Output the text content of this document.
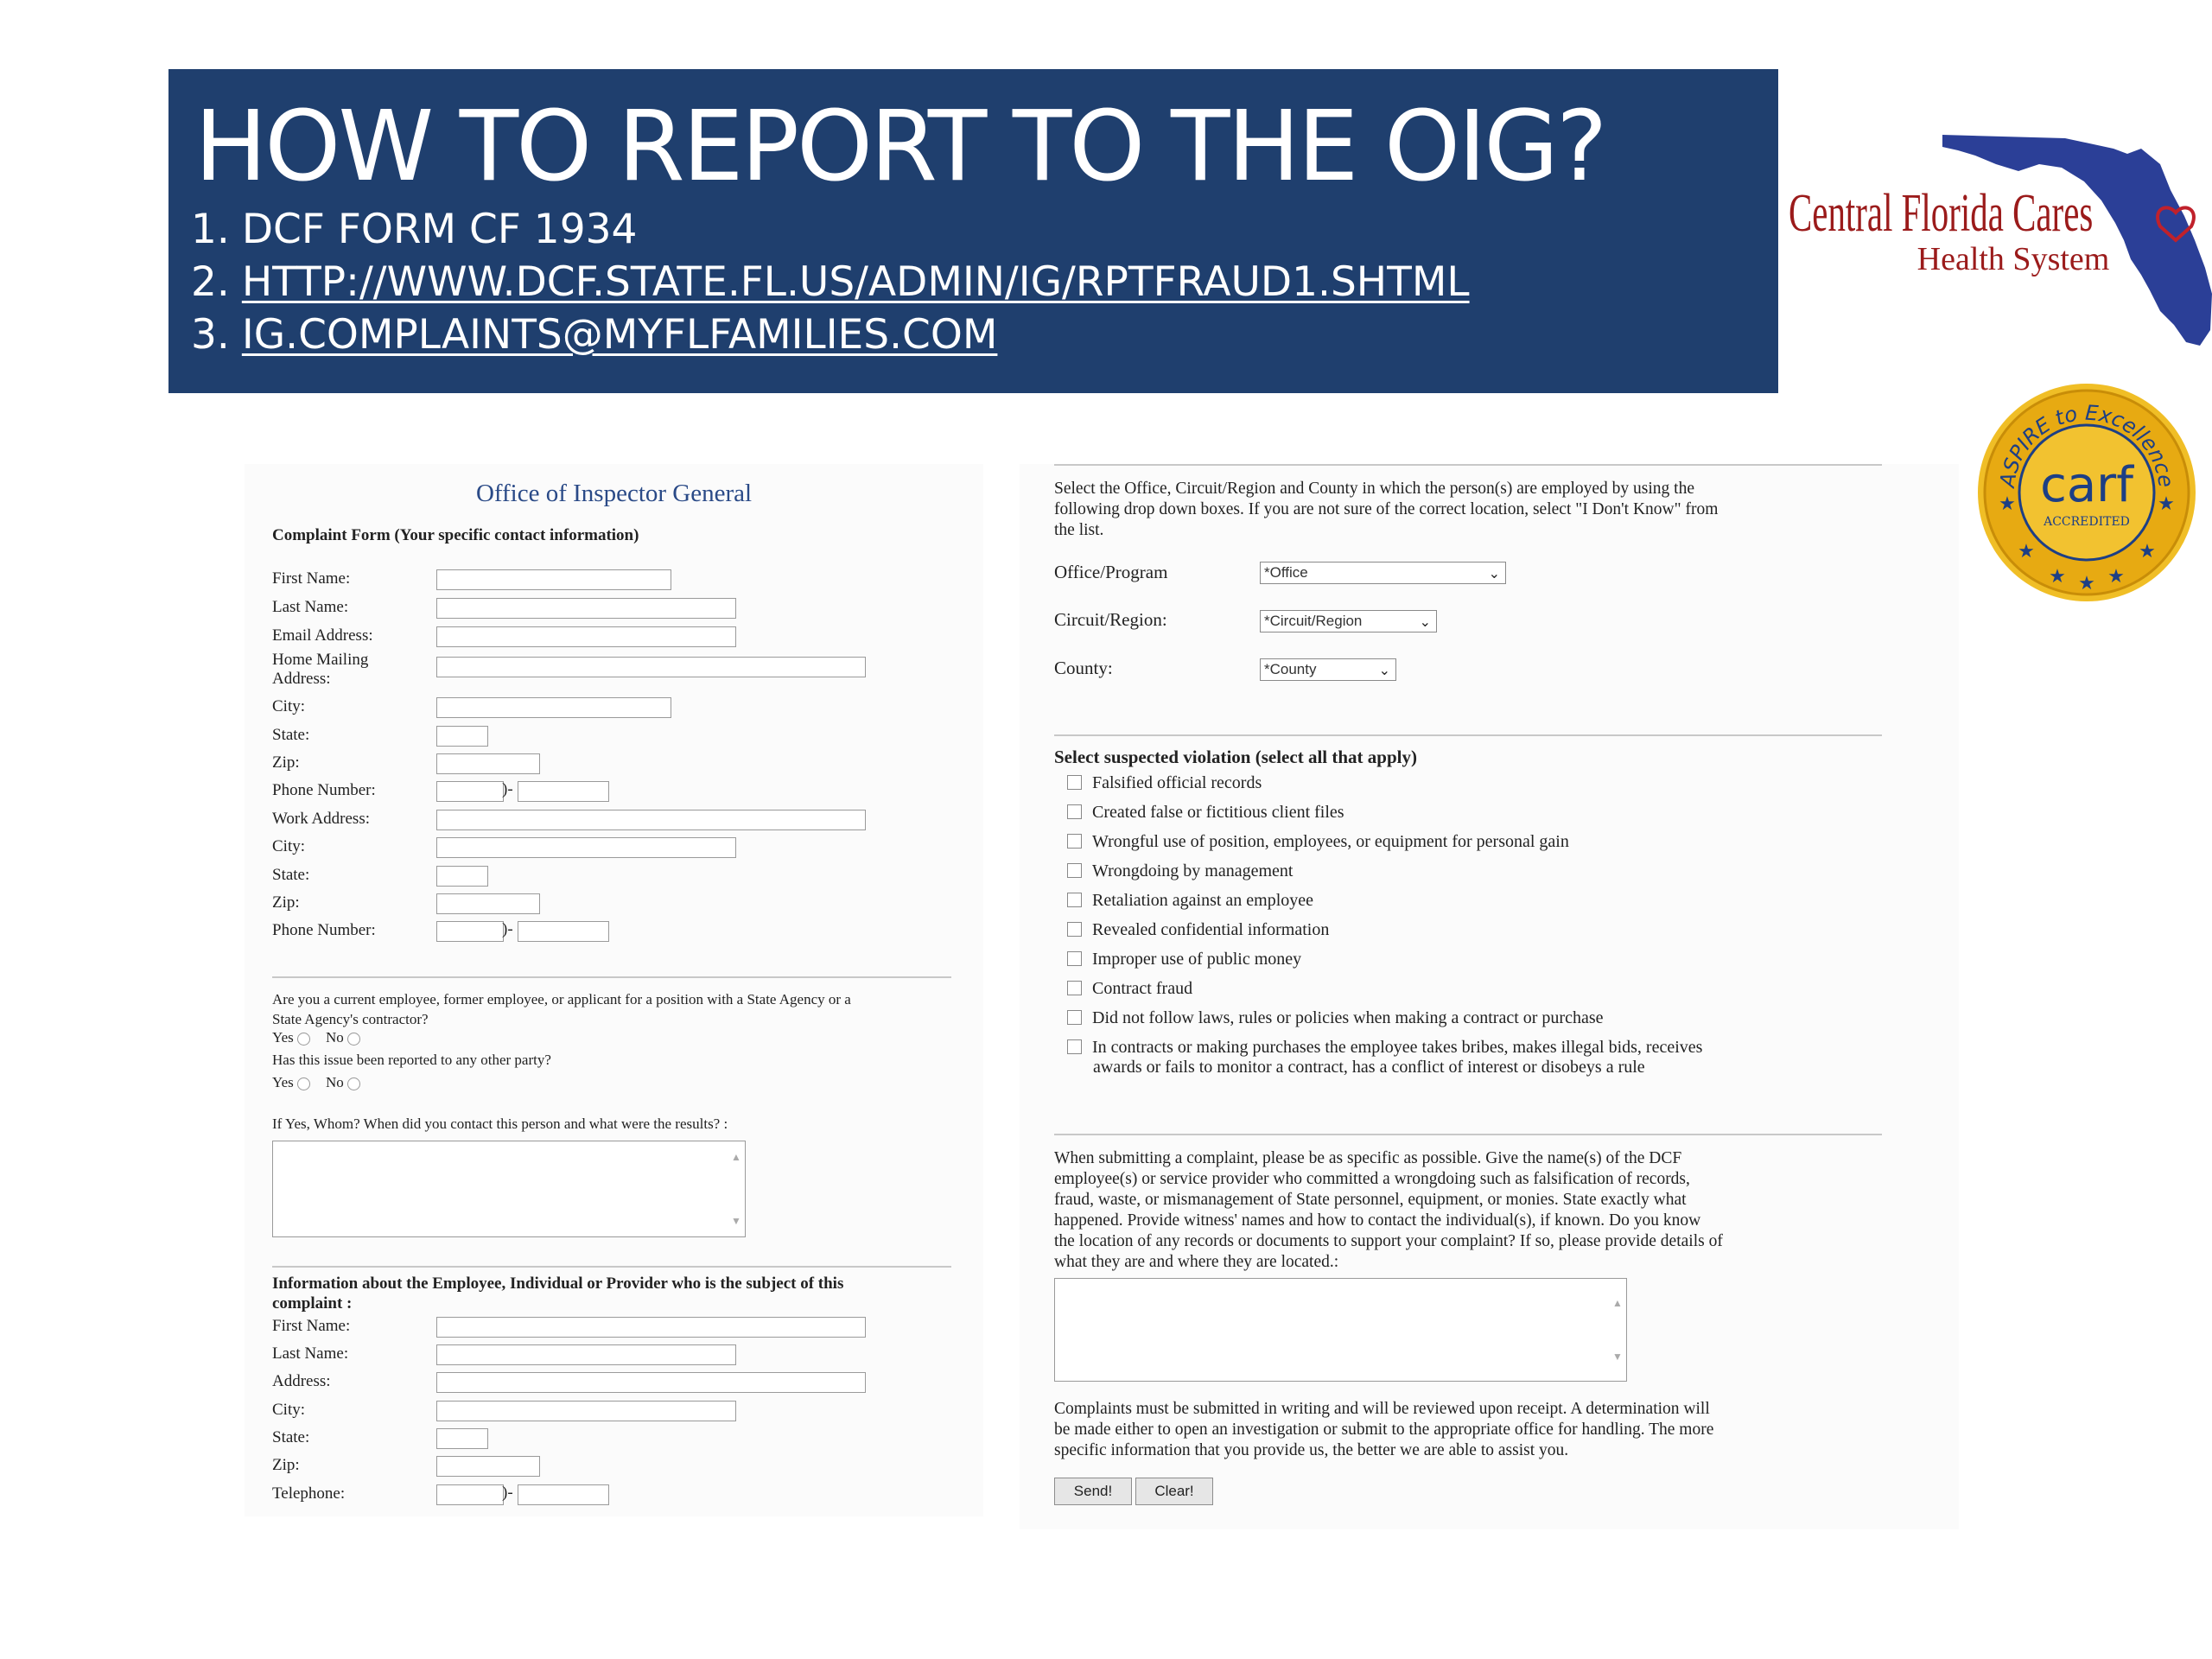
HOW TO REPORT TO THE OIG?
1. DCF FORM CF 1934
2. HTTP://WWW.DCF.STATE.FL.US/ADMIN/IG/RPTFRAUD1.SHTML
3. IG.COMPLAINTS@MYFLFAMILIES.COM
Central Florida Cares
Health System
ASPIRE to Excellence
carf
ACCREDITED
★	★
★	★
★ ★
★
Office of Inspector General
Complaint Form (Your specific contact information)
First Name:
Last Name:
Email Address:
Home Mailing
Address:
City:
State:
Zip:
Phone Number:	)-
Work Address:
City:
State:
Zip:
Phone Number:	)-
Are you a current employee, former employee, or applicant for a position with a State Agency or a
State Agency's contractor?
Yes No
Has this issue been reported to any other party?
Yes No
If Yes, Whom? When did you contact this person and what were the results? :
▲
▼
Information about the Employee, Individual or Provider who is the subject of this
complaint :
First Name:
Last Name:
Address:
City:
State:
Zip:
Telephone:	)-
Select the Office, Circuit/Region and County in which the person(s) are employed by using the
following drop down boxes. If you are not sure of the correct location, select "I Don't Know" from
the list.
Office/Program	*Office	⌄
Circuit/Region:	*Circuit/Region	⌄
County:	*County	⌄
Select suspected violation (select all that apply)
Falsified official records
Created false or fictitious client files
Wrongful use of position, employees, or equipment for personal gain
Wrongdoing by management
Retaliation against an employee
Revealed confidential information
Improper use of public money
Contract fraud
Did not follow laws, rules or policies when making a contract or purchase
In contracts or making purchases the employee takes bribes, makes illegal bids, receives
awards or fails to monitor a contract, has a conflict of interest or disobeys a rule
When submitting a complaint, please be as specific as possible. Give the name(s) of the DCF
employee(s) or service provider who committed a wrongdoing such as falsification of records,
fraud, waste, or mismanagement of State personnel, equipment, or monies. State exactly what
happened. Provide witness' names and how to contact the individual(s), if known. Do you know
the location of any records or documents to support your complaint? If so, please provide details of
what they are and where they are located.:
▲
▼
Complaints must be submitted in writing and will be reviewed upon receipt. A determination will
be made either to open an investigation or submit to the appropriate office for handling. The more
specific information that you provide us, the better we are able to assist you.
Send!	Clear!
